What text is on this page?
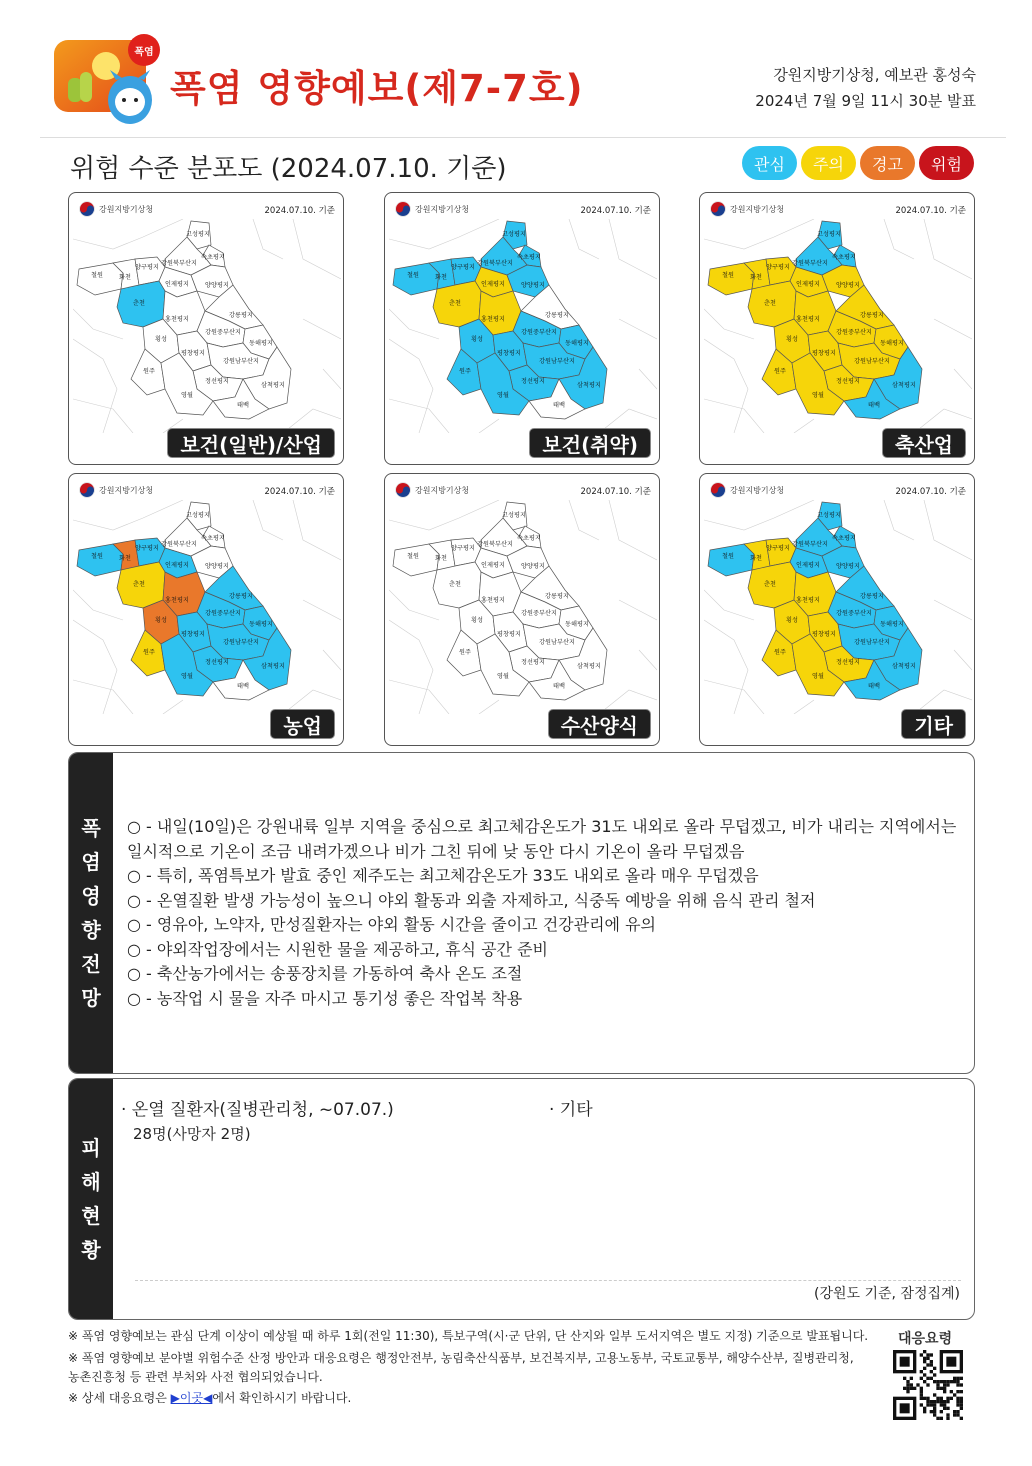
폭염
폭염 영향예보(제7-7호)	강원지방기상청, 예보관 홍성숙
2024년 7월 9일 11시 30분 발표
위험 수준 분포도 (2024.07.10. 기준)	관심	주의	경고	위험
강원지방기상청	2024.07.10. 기준
철원	화천
양구평지
고성평지
속초평지
강원북부산지
인제평지	양양평지
춘천
홍천평지
강릉평지
강원중부산지
횡성
평창평지
동해평지
원주
강원남부산지
정선평지
삼척평지
영월
태백
보건(일반)/산업
강원지방기상청	2024.07.10. 기준
철원	화천
양구평지
고성평지
속초평지
강원북부산지
인제평지	양양평지
춘천
홍천평지
강릉평지
강원중부산지
횡성
평창평지
동해평지
원주
강원남부산지
정선평지
삼척평지
영월
태백
보건(취약)
강원지방기상청	2024.07.10. 기준
철원	화천
양구평지
고성평지
속초평지
강원북부산지
인제평지	양양평지
춘천
홍천평지
강릉평지
강원중부산지
횡성
평창평지
동해평지
원주
강원남부산지
정선평지
삼척평지
영월
태백
축산업
강원지방기상청	2024.07.10. 기준
철원	화천
양구평지
고성평지
속초평지
강원북부산지
인제평지	양양평지
춘천
홍천평지
강릉평지
강원중부산지
횡성
평창평지
동해평지
원주
강원남부산지
정선평지
삼척평지
영월
태백
농업
강원지방기상청	2024.07.10. 기준
철원	화천
양구평지
고성평지
속초평지
강원북부산지
인제평지	양양평지
춘천
홍천평지
강릉평지
강원중부산지
횡성
평창평지
동해평지
원주
강원남부산지
정선평지
삼척평지
영월
태백
수산양식
강원지방기상청	2024.07.10. 기준
철원	화천
양구평지
고성평지
속초평지
강원북부산지
인제평지	양양평지
춘천
홍천평지
강릉평지
강원중부산지
횡성
평창평지
동해평지
원주
강원남부산지
정선평지
삼척평지
영월
태백
기타
폭
염
영
향
전
망
○ - 내일(10일)은 강원내륙 일부 지역을 중심으로 최고체감온도가 31도 내외로 올라 무덥겠고, 비가 내리는 지역에서는 일시적으로 기온이 조금 내려가겠으나 비가 그친 뒤에 낮 동안 다시 기온이 올라 무덥겠음
○ - 특히, 폭염특보가 발효 중인 제주도는 최고체감온도가 33도 내외로 올라 매우 무덥겠음
○ - 온열질환 발생 가능성이 높으니 야외 활동과 외출 자제하고, 식중독 예방을 위해 음식 관리 철저
○ - 영유아, 노약자, 만성질환자는 야외 활동 시간을 줄이고 건강관리에 유의
○ - 야외작업장에서는 시원한 물을 제공하고, 휴식 공간 준비
○ - 축산농가에서는 송풍장치를 가동하여 축사 온도 조절
○ - 농작업 시 물을 자주 마시고 통기성 좋은 작업복 착용
피
해
현
황
· 온열 질환자(질병관리청, ~07.07.)
28명(사망자 2명)
· 기타
(강원도 기준, 잠정집계)
※ 폭염 영향예보는 관심 단계 이상이 예상될 때 하루 1회(전일 11:30), 특보구역(시·군 단위, 단 산지와 일부 도서지역은 별도 지정) 기준으로 발표됩니다.
※ 폭염 영향예보 분야별 위험수준 산정 방안과 대응요령은 행정안전부, 농림축산식품부, 보건복지부, 고용노동부, 국토교통부, 해양수산부, 질병관리청,
농촌진흥청 등 관련 부처와 사전 협의되었습니다.
※ 상세 대응요령은 ▶이곳◀에서 확인하시기 바랍니다.
대응요령
